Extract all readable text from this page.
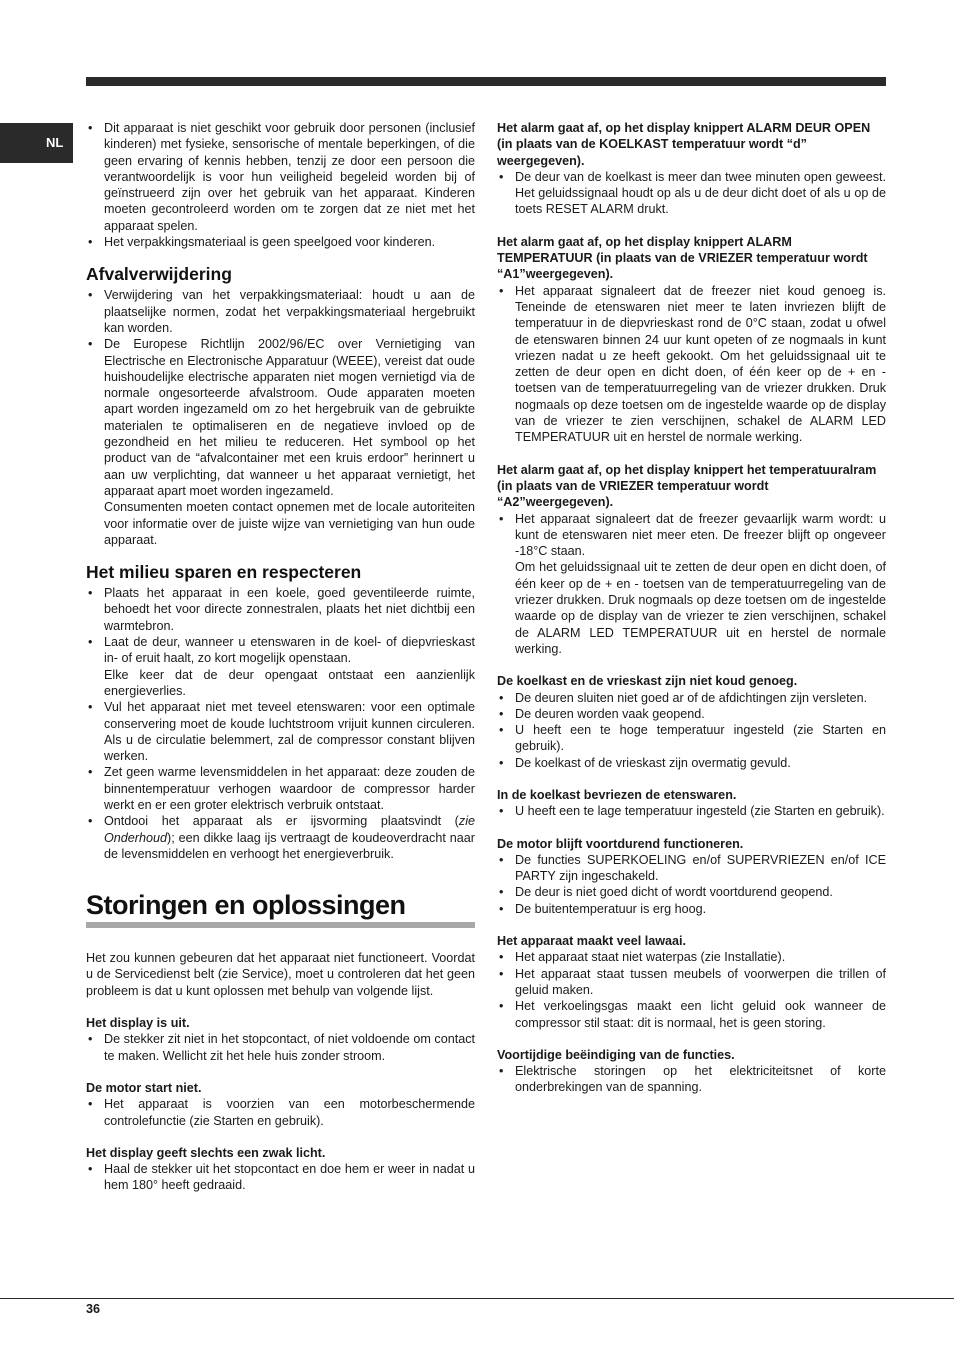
NL
• Dit apparaat is niet geschikt voor gebruik door personen (inclusief kinderen) met fysieke, sensorische of mentale beperkingen, of die geen ervaring of kennis hebben, tenzij ze door een persoon die verantwoordelijk is voor hun veiligheid begeleid worden bij of geïnstrueerd zijn over het gebruik van het apparaat. Kinderen moeten gecontroleerd worden om te zorgen dat ze niet met het apparaat spelen.
• Het verpakkingsmateriaal is geen speelgoed voor kinderen.
Afvalverwijdering
• Verwijdering van het verpakkingsmateriaal: houdt u aan de plaatselijke normen, zodat het verpakkingsmateriaal hergebruikt kan worden.
• De Europese Richtlijn 2002/96/EC over Vernietiging van Electrische en Electronische Apparatuur (WEEE), vereist dat oude huishoudelijke electrische apparaten niet mogen vernietigd via de normale ongesorteerde afvalstroom. Oude apparaten moeten apart worden ingezameld om zo het hergebruik van de gebruikte materialen te optimaliseren en de negatieve invloed op de gezondheid en het milieu te reduceren. Het symbool op het product van de “afvalcontainer met een kruis erdoor” herinnert u aan uw verplichting, dat wanneer u het apparaat vernietigt, het apparaat apart moet worden ingezameld.

Consumenten moeten contact opnemen met de locale autoriteiten voor informatie over de juiste wijze van vernietiging van hun oude apparaat.

Het milieu sparen en respecteren
• Plaats het apparaat in een koele, goed geventileerde ruimte, behoedt het voor directe zonnestralen, plaats het niet dichtbij een warmtebron.
• Laat de deur, wanneer u etenswaren in de koel- of diepvrieskast in- of eruit haalt, zo kort mogelijk openstaan.

Elke keer dat de deur opengaat ontstaat een aanzienlijk energieverlies.

• Vul het apparaat niet met teveel etenswaren: voor een optimale conservering moet de koude luchtstroom vrijuit kunnen circuleren. Als u de circulatie belemmert, zal de compressor constant blijven werken.
• Zet geen warme levensmiddelen in het apparaat: deze zouden de binnentemperatuur verhogen waardoor de compressor harder werkt en er een groter elektrisch verbruik ontstaat.
• Ontdooi het apparaat als er ijsvorming plaatsvindt (zie Onderhoud); een dikke laag ijs vertraagt de koudeoverdracht naar de levensmiddelen en verhoogt het energieverbruik.
Storingen en oplossingen

Het zou kunnen gebeuren dat het apparaat niet functioneert. Voordat u de Servicedienst belt (zie Service), moet u controleren dat het geen probleem is dat u kunt oplossen met behulp van volgende lijst.

Het display is uit.

• De stekker zit niet in het stopcontact, of niet voldoende om contact te maken. Wellicht zit het hele huis zonder stroom.

De motor start niet.

• Het apparaat is voorzien van een motorbeschermende controlefunctie (zie Starten en gebruik).

Het display geeft slechts een zwak licht.

• Haal de stekker uit het stopcontact en doe hem er weer in nadat u hem 180° heeft gedraaid.

Het alarm gaat af, op het display knippert ALARM DEUR OPEN (in plaats van de KOELKAST temperatuur wordt “d” weergegeven).

• De deur van de koelkast is meer dan twee minuten open geweest. Het geluidssignaal houdt op als u de deur dicht doet of als u op de toets RESET ALARM drukt.

Het alarm gaat af, op het display knippert ALARM TEMPERATUUR (in plaats van de VRIEZER temperatuur wordt “A1”weergegeven).

• Het apparaat signaleert dat de freezer niet koud genoeg is. Teneinde de etenswaren niet meer te laten invriezen blijft de temperatuur in de diepvrieskast rond de 0°C staan, zodat u ofwel de etenswaren binnen 24 uur kunt opeten of ze nogmaals in kunt vriezen nadat u ze heeft gekookt. Om het geluidssignaal uit te zetten de deur open en dicht doen, of één keer op de + en - toetsen van de temperatuurregeling van de vriezer drukken. Druk nogmaals op deze toetsen om de ingestelde waarde op de display van de vriezer te zien verschijnen, schakel de ALARM LED TEMPERATUUR uit en herstel de normale werking.

Het alarm gaat af, op het display knippert het temperatuuralram (in plaats van de VRIEZER temperatuur wordt “A2”weergegeven).

• Het apparaat signaleert dat de freezer gevaarlijk warm wordt: u kunt de etenswaren niet meer eten. De freezer blijft op ongeveer -18°C staan.

Om het geluidssignaal uit te zetten de deur open en dicht doen, of één keer op de + en - toetsen van de temperatuurregeling van de vriezer drukken. Druk nogmaals op deze toetsen om de ingestelde waarde op de display van de vriezer te zien verschijnen, schakel de ALARM LED TEMPERATUUR uit en herstel de normale werking.

De koelkast en de vrieskast zijn niet koud genoeg.

• De deuren sluiten niet goed ar of de afdichtingen zijn versleten.
• De deuren worden vaak geopend.
• U heeft een te hoge temperatuur ingesteld (zie Starten en gebruik).
• De koelkast of de vrieskast zijn overmatig gevuld.

In de koelkast bevriezen de etenswaren.

• U heeft een te lage temperatuur ingesteld (zie Starten en gebruik).

De motor blijft voortdurend functioneren.

• De functies SUPERKOELING en/of SUPERVRIEZEN en/of ICE PARTY zijn ingeschakeld.
• De deur is niet goed dicht of wordt voortdurend geopend.
• De buitentemperatuur is erg hoog.

Het apparaat maakt veel lawaai.

• Het apparaat staat niet waterpas (zie Installatie).
• Het apparaat staat tussen meubels of voorwerpen die trillen of geluid maken.
• Het verkoelingsgas maakt een licht geluid ook wanneer de compressor stil staat: dit is normaal, het is geen storing.

Voortijdige beëindiging van de functies.

• Elektrische storingen op het elektriciteitsnet of korte onderbrekingen van de spanning.
36
